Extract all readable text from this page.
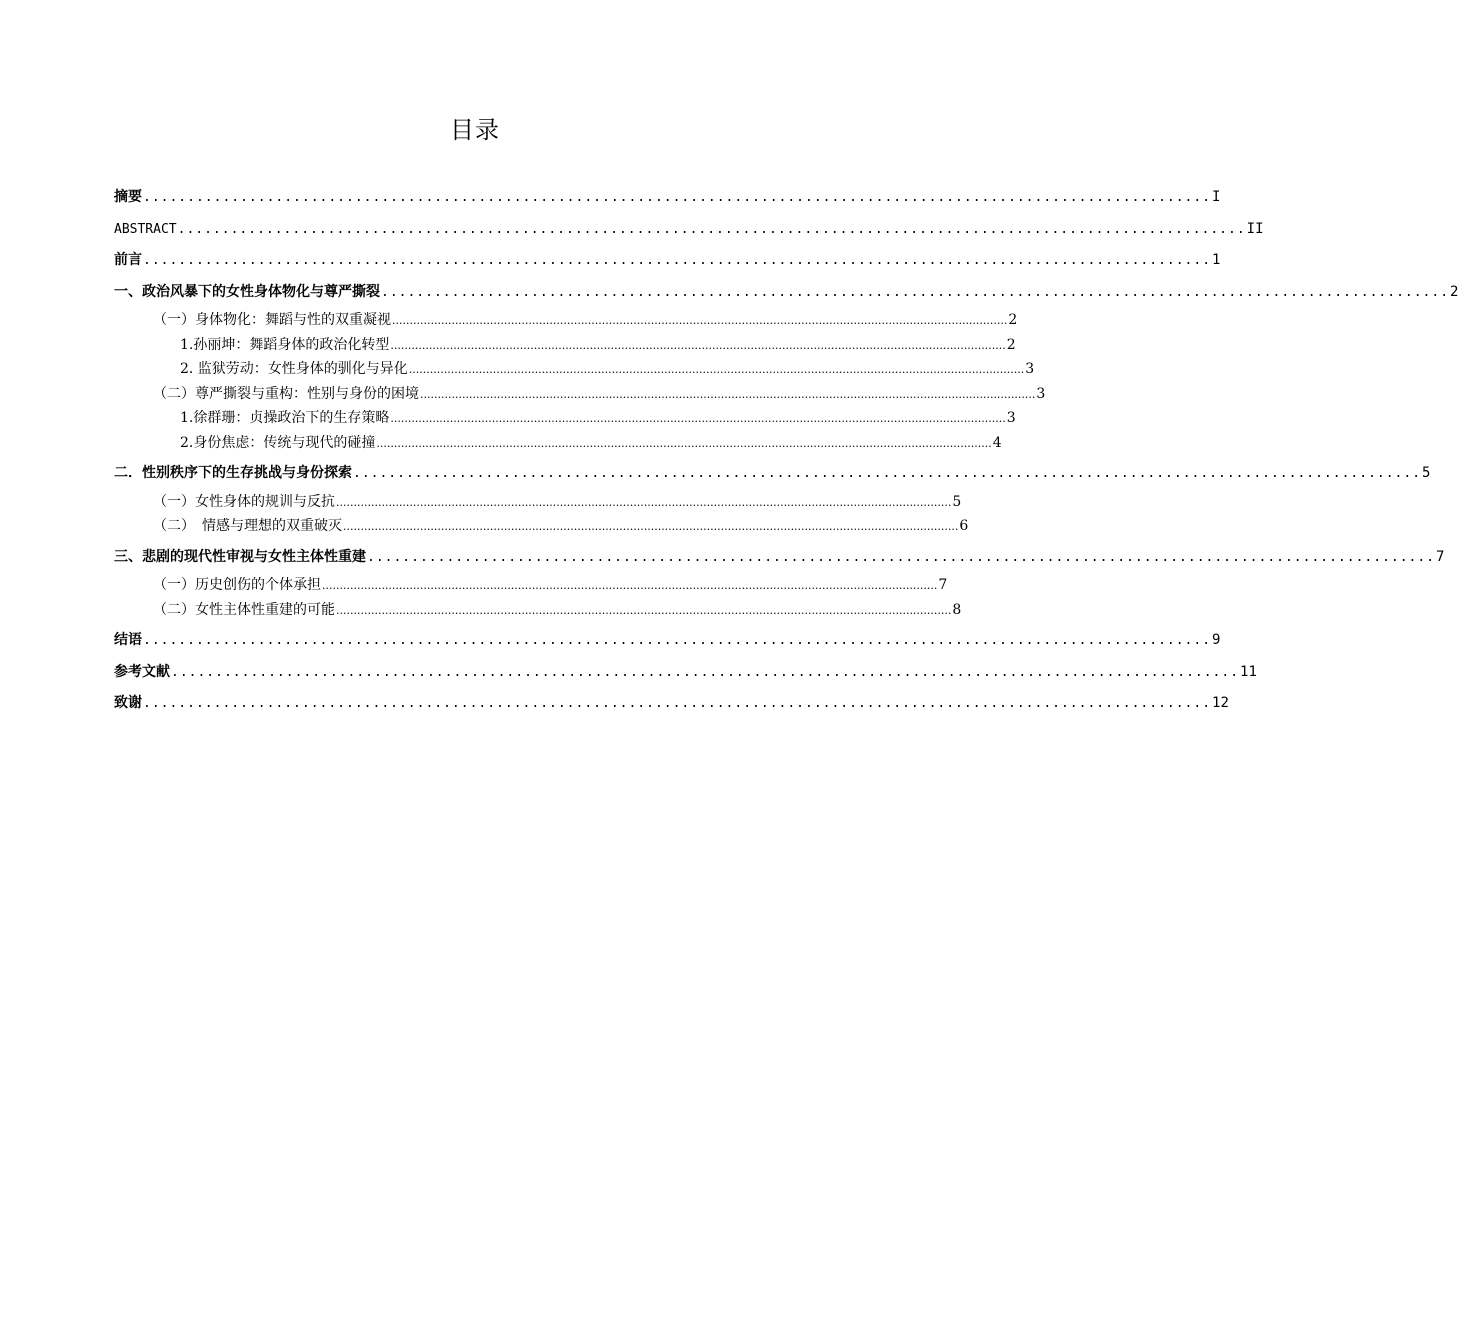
目录
摘要 ......................................................................................................................... I
ABSTRACT ......................................................................................................................... II
前言 ......................................................................................................................... 1
一、政治风暴下的女性身体物化与尊严撕裂 ......................................................................................................................... 2
（一）身体物化：舞蹈与性的双重凝视 ................................................................................................................................................................................ 2
1.孙丽坤：舞蹈身体的政治化转型 ................................................................................................................................................................................ 2
2. 监狱劳动：女性身体的驯化与异化 ................................................................................................................................................................................ 3
（二）尊严撕裂与重构：性别与身份的困境 ................................................................................................................................................................................ 3
1.徐群珊：贞操政治下的生存策略 ................................................................................................................................................................................ 3
2.身份焦虑：传统与现代的碰撞 ................................................................................................................................................................................ 4
二．性别秩序下的生存挑战与身份探索 ......................................................................................................................... 5
（一）女性身体的规训与反抗 ................................................................................................................................................................................ 5
（二）　情感与理想的双重破灭 ................................................................................................................................................................................ 6
三、悲剧的现代性审视与女性主体性重建 ......................................................................................................................... 7
（一）历史创伤的个体承担 ................................................................................................................................................................................ 7
（二）女性主体性重建的可能 ................................................................................................................................................................................ 8
结语 ......................................................................................................................... 9
参考文献 ......................................................................................................................... 11
致谢 ......................................................................................................................... 12
